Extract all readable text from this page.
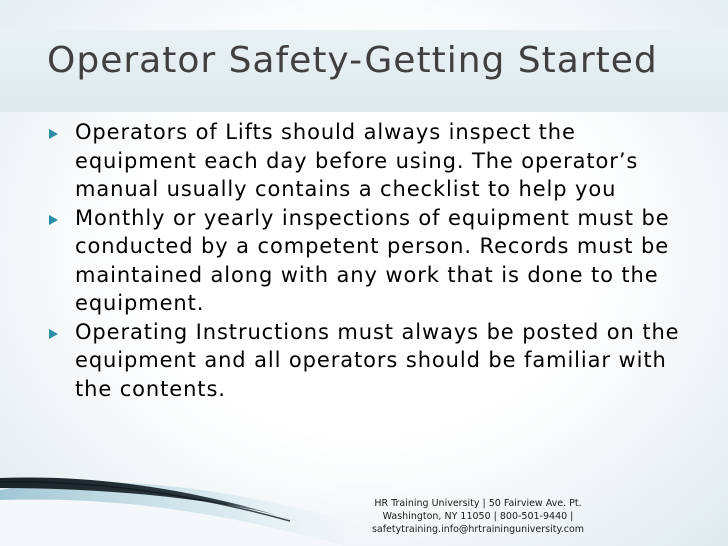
Operator Safety-Getting Started
Operators of Lifts should always inspect the equipment each day before using. The operator’s manual usually contains a checklist to help you
Monthly or yearly inspections of equipment must be conducted by a competent person. Records must be maintained along with any work that is done to the equipment.
Operating Instructions must always be posted on the equipment and all operators should be familiar with the contents.
HR Training University | 50 Fairview Ave. Pt.
Washington, NY 11050 | 800-501-9440 |
safetytraining.info@hrtraininguniversity.com
